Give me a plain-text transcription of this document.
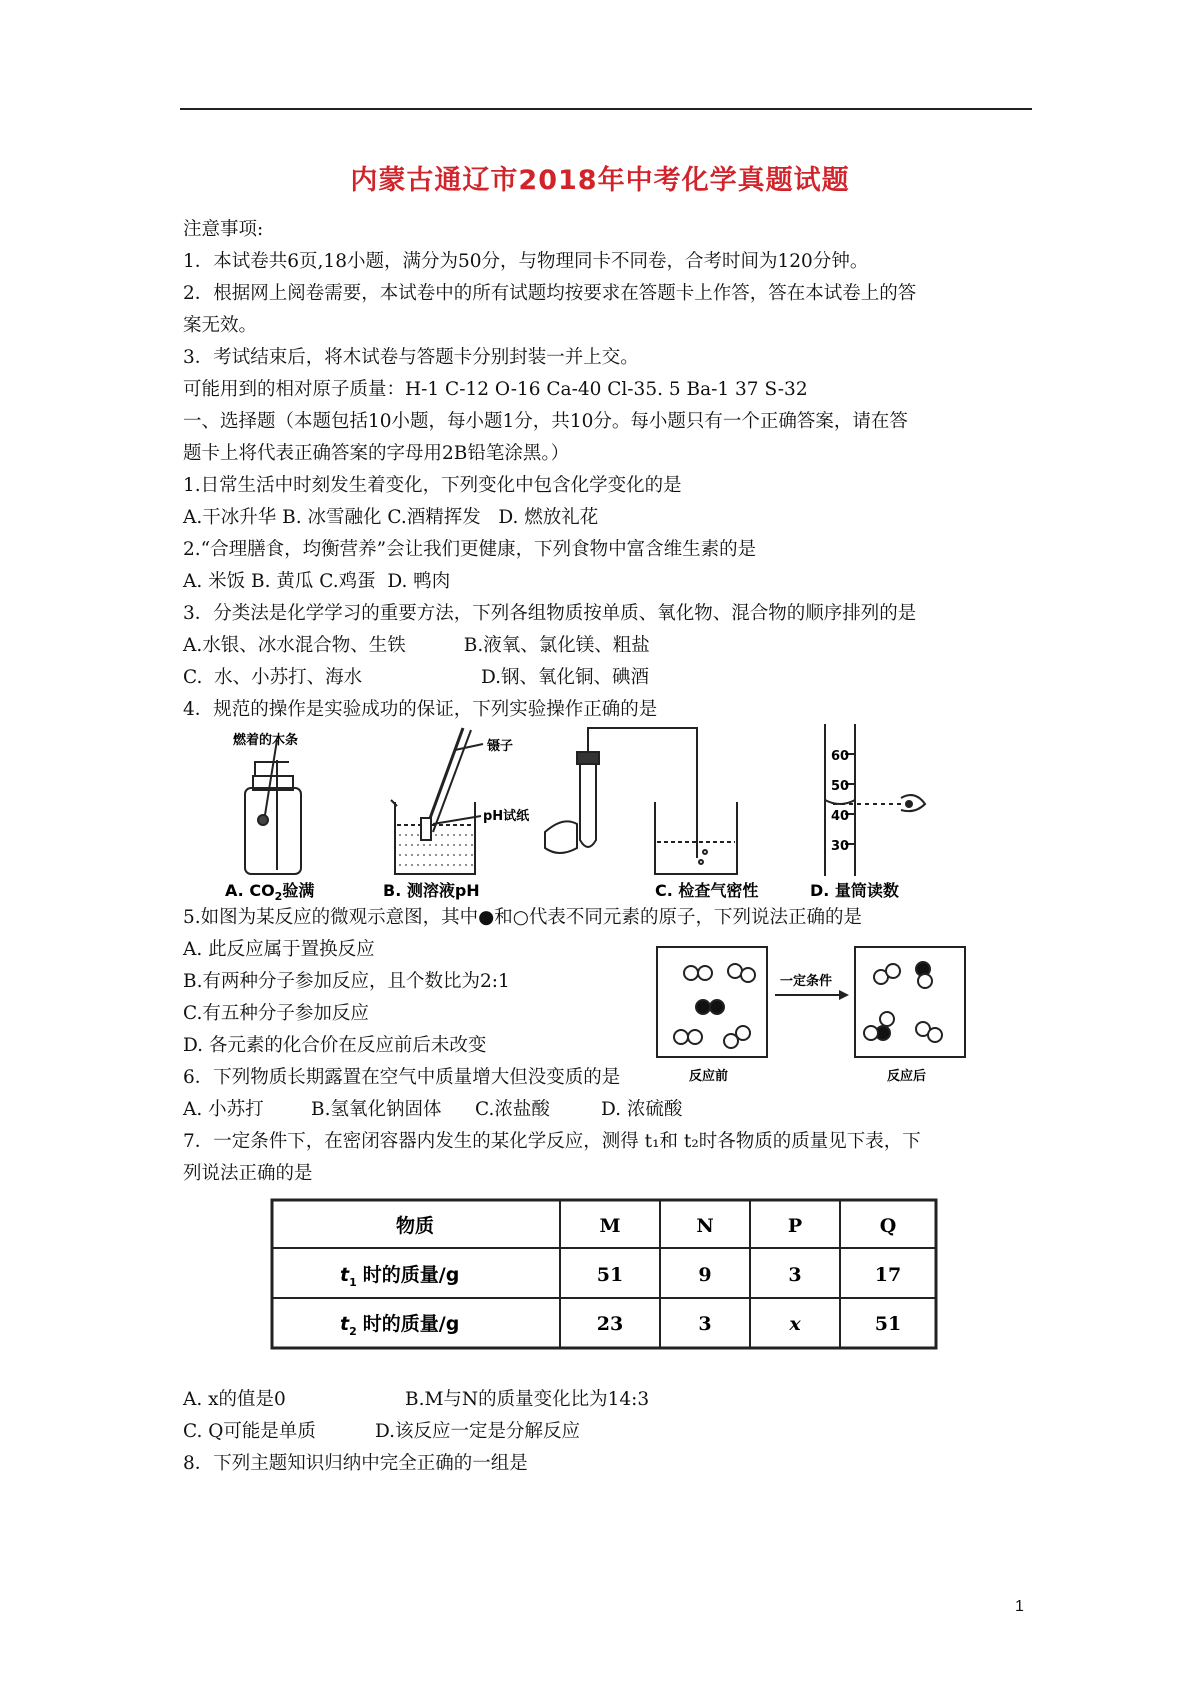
内蒙古通辽市2018年中考化学真题试题
注意事项:
1．本试卷共6页,18小题，满分为50分，与物理同卡不同卷，合考时间为120分钟。
2．根据网上阅卷需要，本试卷中的所有试题均按要求在答题卡上作答，答在本试卷上的答
案无效。
3．考试结束后，将木试卷与答题卡分别封装一并上交。
可能用到的相对原子质量：H-1 C-12 O-16 Ca-40 Cl-35. 5 Ba-1 37 S-32
一、选择题（本题包括10小题，每小题1分，共10分。每小题只有一个正确答案，请在答
题卡上将代表正确答案的字母用2B铅笔涂黑。）
1.日常生活中时刻发生着变化，下列变化中包含化学变化的是
A.干冰升华 B. 冰雪融化 C.酒精挥发   D. 燃放礼花
2.“合理膳食，均衡营养”会让我们更健康，下列食物中富含维生素的是
A. 米饭 B. 黄瓜 C.鸡蛋  D. 鸭肉
3．分类法是化学学习的重要方法，下列各组物质按单质、氧化物、混合物的顺序排列的是
A.水银、冰水混合物、生铁	B.液氧、氯化镁、粗盐
C.  水、小苏打、海水	D.钢、氧化铜、碘酒
4．规范的操作是实验成功的保证，下列实验操作正确的是
燃着的木条
A. $CO_2$验满
镊子
pH试纸
B. 测溶液pH	C. 检查气密性
60
50
40
30
D. 量筒读数
5.如图为某反应的微观示意图，其中●和○代表不同元素的原子，下列说法正确的是
A. 此反应属于置换反应
B.有两种分子参加反应，且个数比为2:1
C.有五种分子参加反应
D. 各元素的化合价在反应前后未改变
一定条件
反应前	反应后
6．下列物质长期露置在空气中质量增大但没变质的是
A. 小苏打	B.氢氧化钠固体 C.浓盐酸	D. 浓硫酸
7．一定条件下，在密闭容器内发生的某化学反应，测得 t₁和 t₂时各物质的质量见下表，下
列说法正确的是
物质	M	N	P	Q
$t_1$ 时的质量/g	51	9	3	17
$t_2$ 时的质量/g	23	3	x	51
A. x的值是0	B.M与N的质量变化比为14:3
C. Q可能是单质	D.该反应一定是分解反应
8．下列主题知识归纳中完全正确的一组是
1
